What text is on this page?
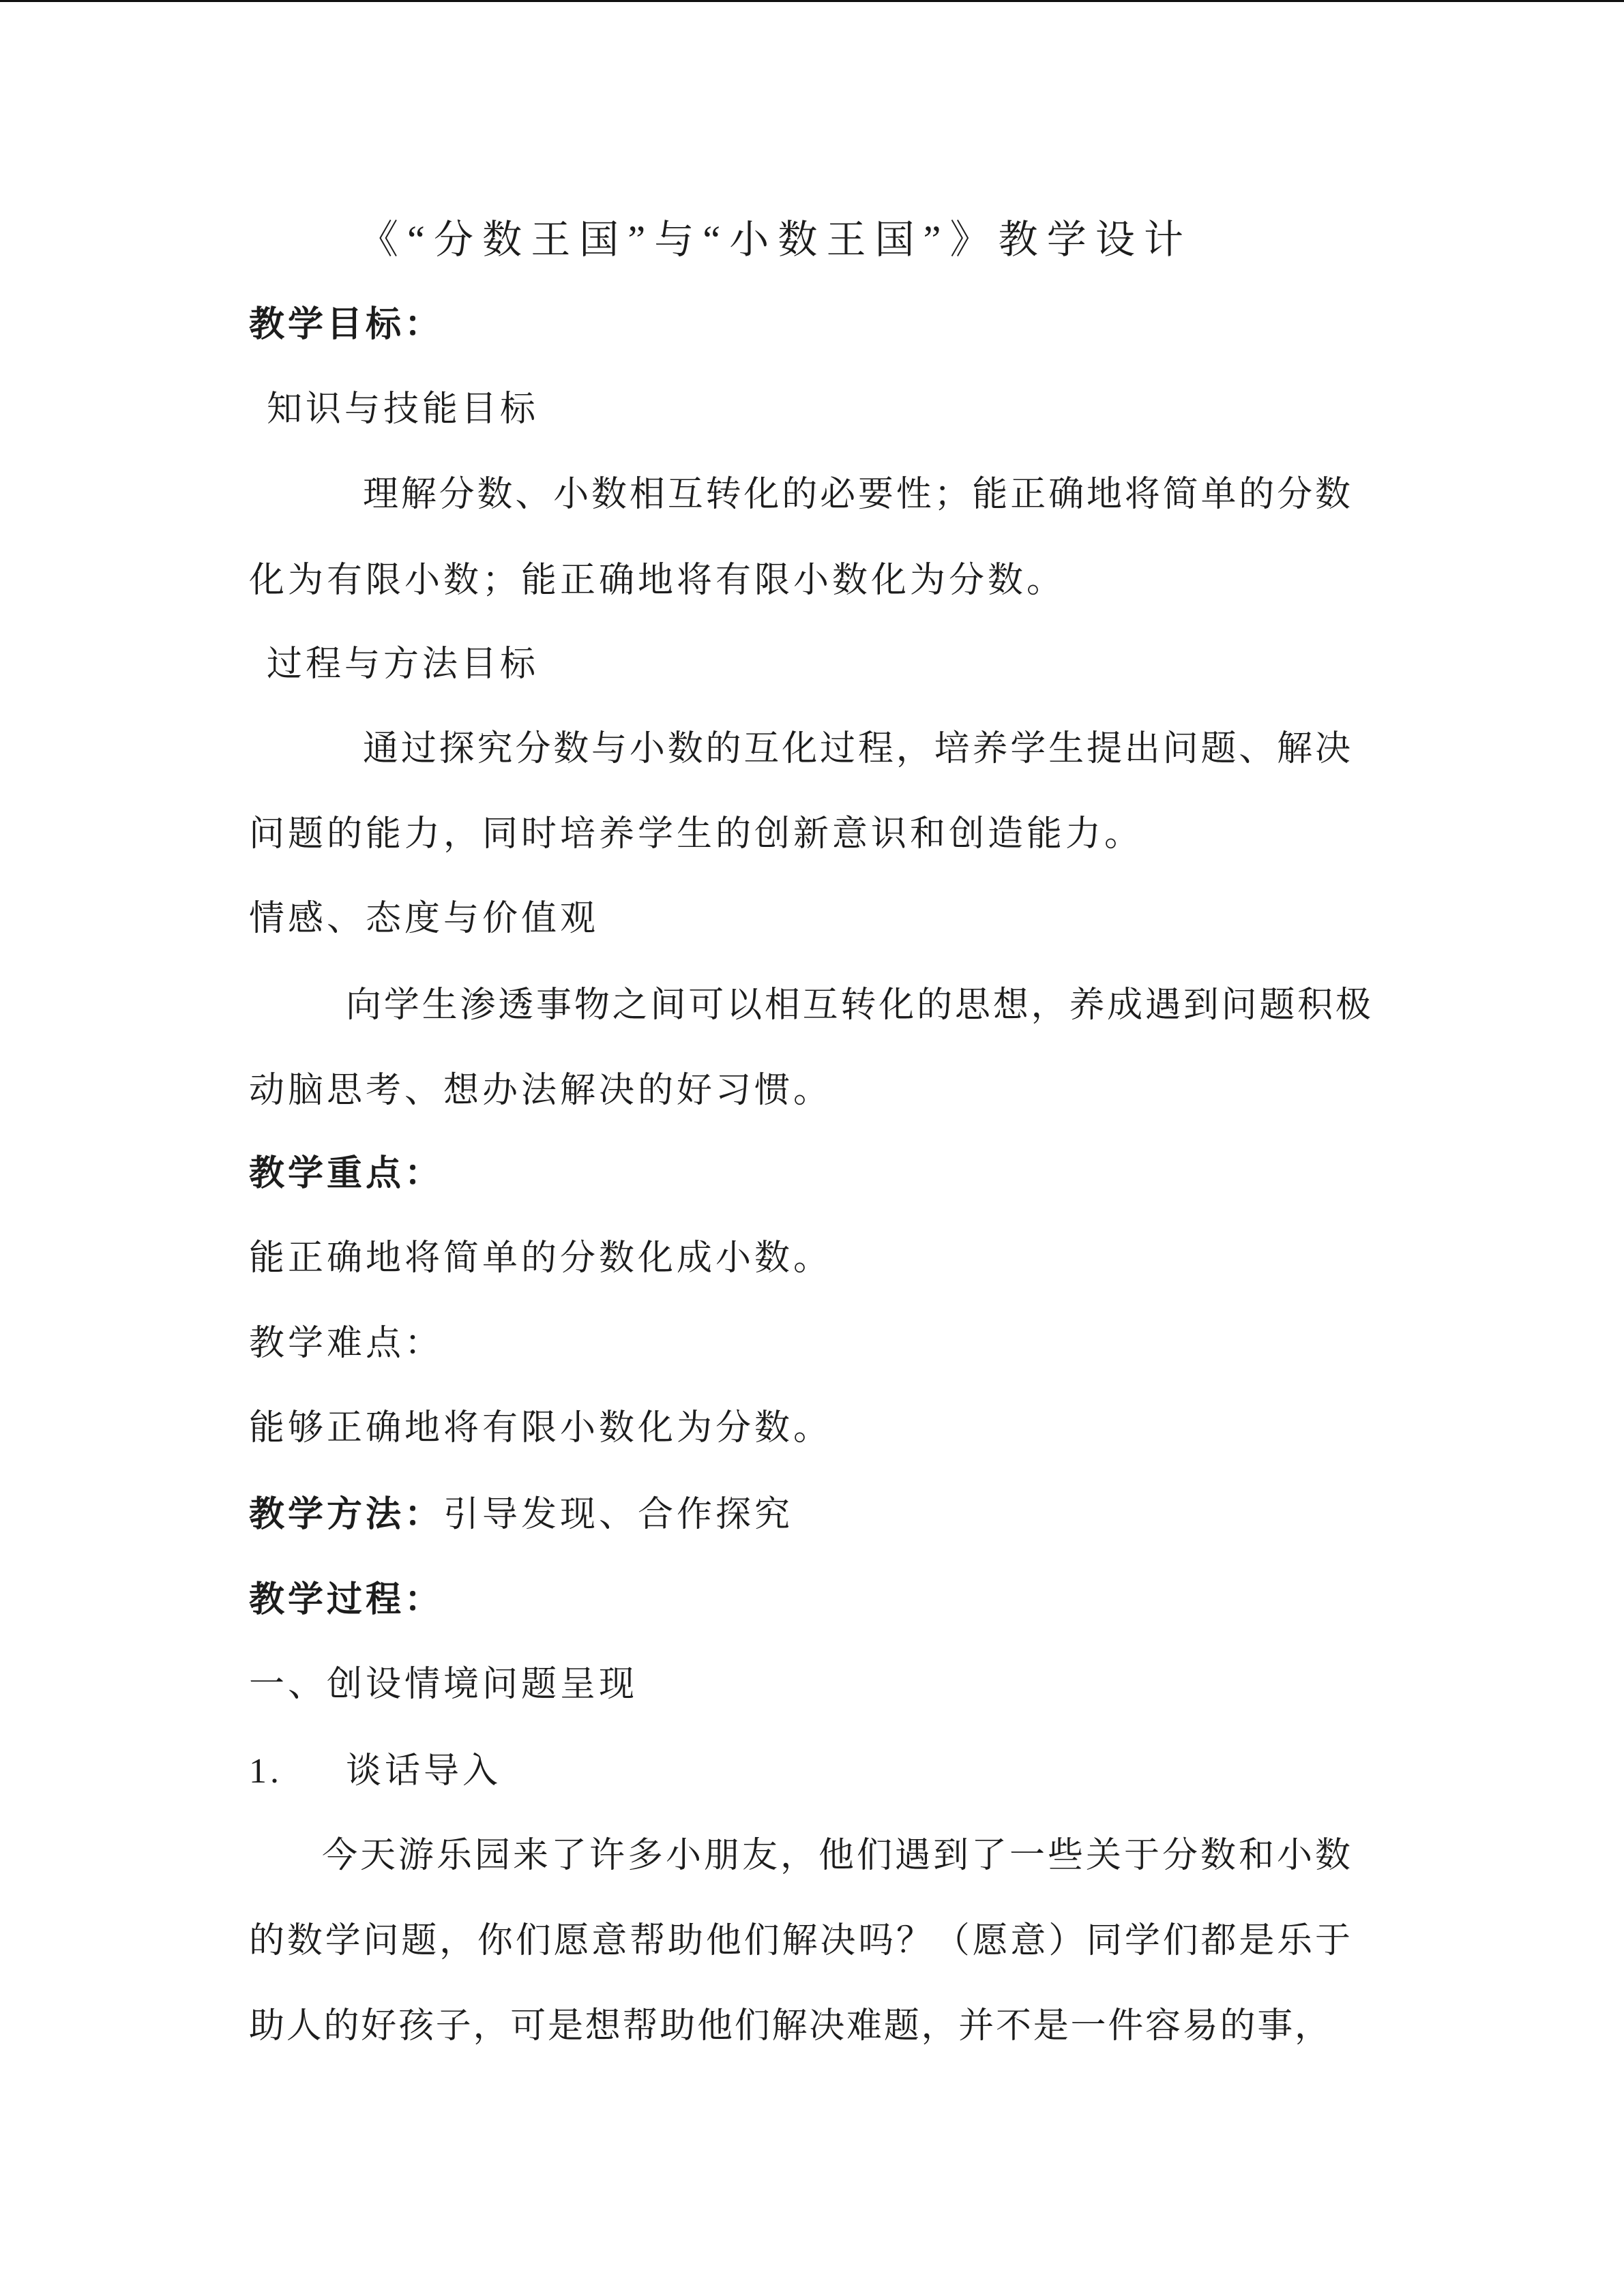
《“分数王国”与“小数王国”》教学设计
教学目标：
知识与技能目标
理解分数、小数相互转化的必要性；能正确地将简单的分数
化为有限小数；能正确地将有限小数化为分数。
过程与方法目标
通过探究分数与小数的互化过程，培养学生提出问题、解决
问题的能力，同时培养学生的创新意识和创造能力。
情感、态度与价值观
向学生渗透事物之间可以相互转化的思想，养成遇到问题积极
动脑思考、想办法解决的好习惯。
教学重点：
能正确地将简单的分数化成小数。
教学难点：
能够正确地将有限小数化为分数。
教学方法：引导发现、合作探究
教学过程：
一、创设情境问题呈现
1. 谈话导入
今天游乐园来了许多小朋友，他们遇到了一些关于分数和小数
的数学问题，你们愿意帮助他们解决吗？（愿意）同学们都是乐于
助人的好孩子，可是想帮助他们解决难题，并不是一件容易的事，
